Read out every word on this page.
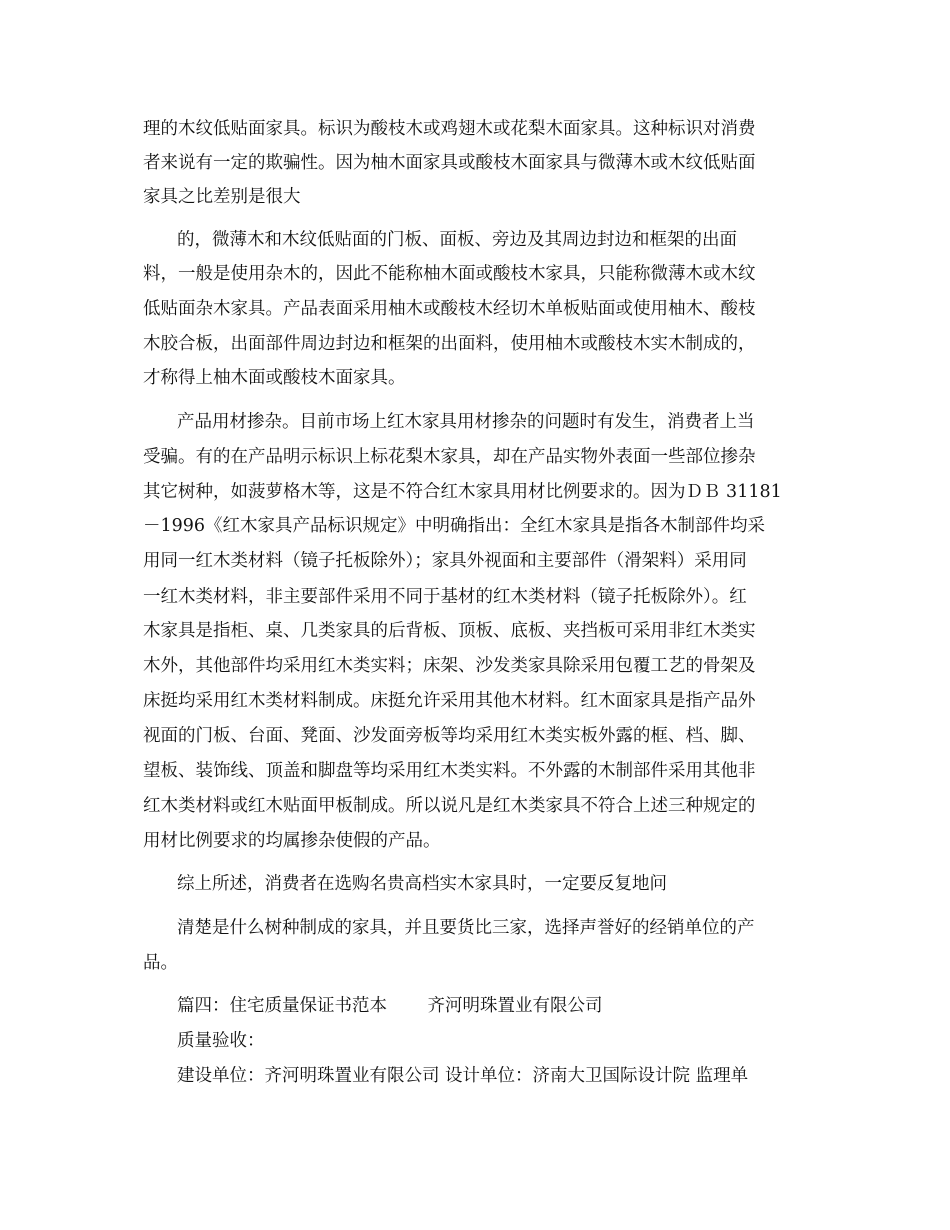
理的木纹低贴面家具。标识为酸枝木或鸡翅木或花梨木面家具。这种标识对消费
者来说有一定的欺骗性。因为柚木面家具或酸枝木面家具与微薄木或木纹低贴面
家具之比差别是很大
的，微薄木和木纹低贴面的门板、面板、旁边及其周边封边和框架的出面
料，一般是使用杂木的，因此不能称柚木面或酸枝木家具，只能称微薄木或木纹
低贴面杂木家具。产品表面采用柚木或酸枝木经切木单板贴面或使用柚木、酸枝
木胶合板，出面部件周边封边和框架的出面料，使用柚木或酸枝木实木制成的，
才称得上柚木面或酸枝木面家具。
产品用材掺杂。目前市场上红木家具用材掺杂的问题时有发生，消费者上当
受骗。有的在产品明示标识上标花梨木家具，却在产品实物外表面一些部位掺杂
其它树种，如菠萝格木等，这是不符合红木家具用材比例要求的。因为ＤＢ 31181
－1996《红木家具产品标识规定》中明确指出：全红木家具是指各木制部件均采
用同一红木类材料（镜子托板除外）；家具外视面和主要部件（滑架料）采用同
一红木类材料，非主要部件采用不同于基材的红木类材料（镜子托板除外）。红
木家具是指柜、桌、几类家具的后背板、顶板、底板、夹挡板可采用非红木类实
木外，其他部件均采用红木类实料；床架、沙发类家具除采用包覆工艺的骨架及
床挺均采用红木类材料制成。床挺允许采用其他木材料。红木面家具是指产品外
视面的门板、台面、凳面、沙发面旁板等均采用红木类实板外露的框、档、脚、
望板、装饰线、顶盖和脚盘等均采用红木类实料。不外露的木制部件采用其他非
红木类材料或红木贴面甲板制成。所以说凡是红木类家具不符合上述三种规定的
用材比例要求的均属掺杂使假的产品。
综上所述，消费者在选购名贵高档实木家具时，一定要反复地问
清楚是什么树种制成的家具，并且要货比三家，选择声誉好的经销单位的产
品。
篇四：住宅质量保证书范本　　 齐河明珠置业有限公司
质量验收：
建设单位：齐河明珠置业有限公司 设计单位：济南大卫国际设计院 监理单
